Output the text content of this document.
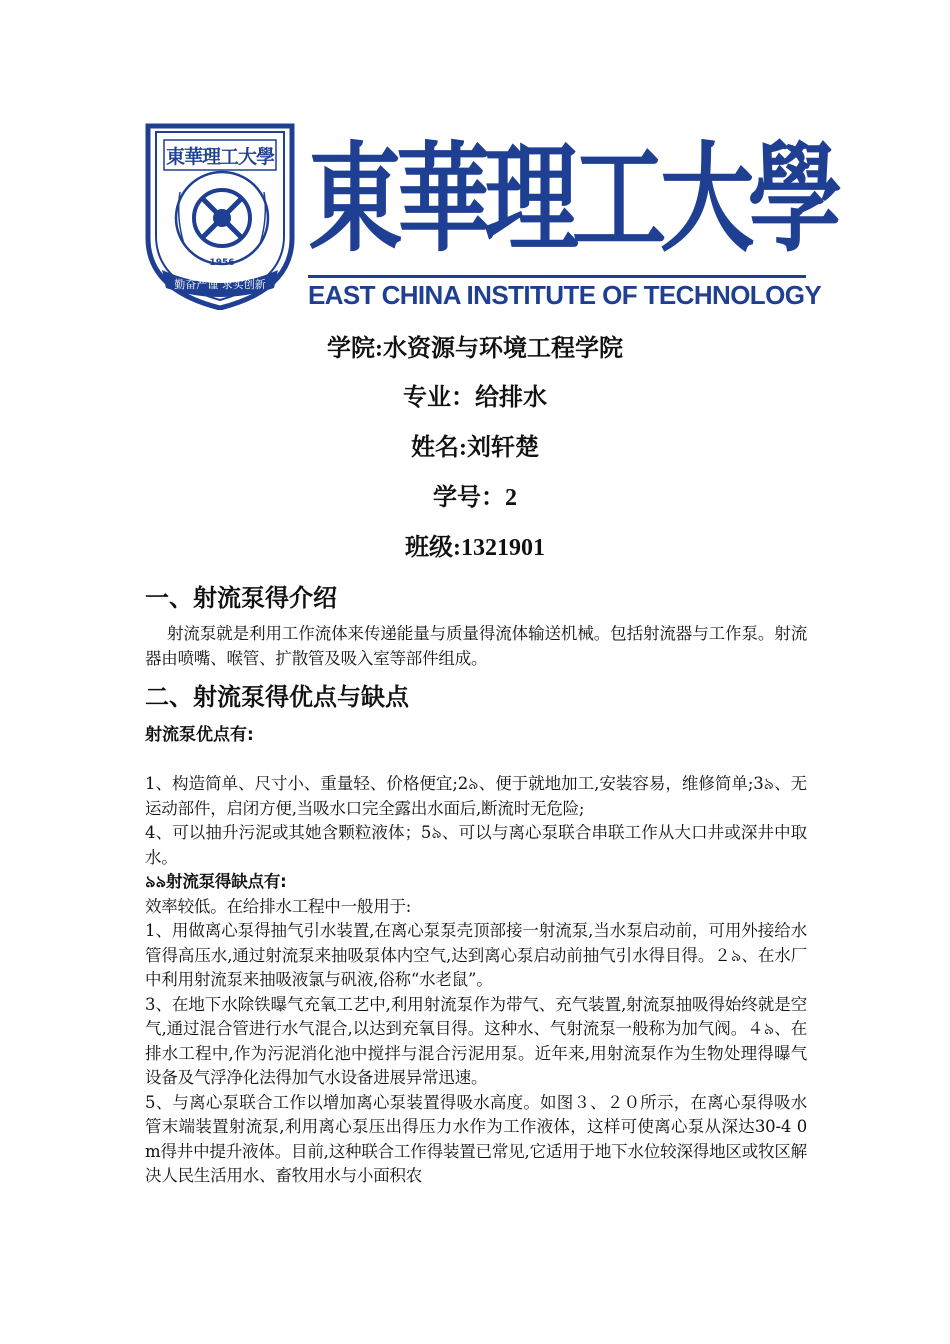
東華理工大學
1956
勤奋严谨 求实创新
東華理工大學
EAST CHINA INSTITUTE OF TECHNOLOGY
学院:水资源与环境工程学院
专业：给排水
姓名:刘轩楚
学号：2
班级:1321901
一、射流泵得介绍

射流泵就是利用工作流体来传递能量与质量得流体输送机械。包括射流器与工作泵。射流器由喷嘴、喉管、扩散管及吸入室等部件组成。

二、射流泵得优点与缺点
射流泵优点有:

1、构造简单、尺寸小、重量轻、价格便宜;2৯、便于就地加工,安装容易，维修简单;3৯、无运动部件，启闭方便,当吸水口完全露出水面后,断流时无危险;

4、可以抽升污泥或其她含颗粒液体；5৯、可以与离心泵联合串联工作从大口井或深井中取水。

৯৯射流泵得缺点有:

效率较低。在给排水工程中一般用于:

1、用做离心泵得抽气引水装置,在离心泵泵壳顶部接一射流泵,当水泵启动前，可用外接给水管得高压水,通过射流泵来抽吸泵体内空气,达到离心泵启动前抽气引水得目得。２৯、在水厂中利用射流泵来抽吸液氯与矾液,俗称“水老鼠”。

3、在地下水除铁曝气充氧工艺中,利用射流泵作为带气、充气装置,射流泵抽吸得始终就是空气,通过混合管进行水气混合,以达到充氧目得。这种水、气射流泵一般称为加气阀。４৯、在排水工程中,作为污泥消化池中搅拌与混合污泥用泵。近年来,用射流泵作为生物处理得曝气设备及气浮净化法得加气水设备进展异常迅速。

5、与离心泵联合工作以增加离心泵装置得吸水高度。如图３、２０所示，在离心泵得吸水管末端装置射流泵,利用离心泵压出得压力水作为工作液体，这样可使离心泵从深达30-4 0 m得井中提升液体。目前,这种联合工作得装置已常见,它适用于地下水位较深得地区或牧区解决人民生活用水、畜牧用水与小面积农
